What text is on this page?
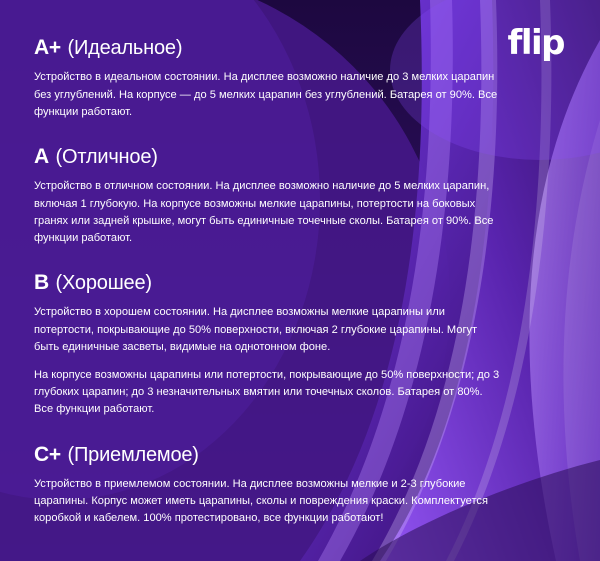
flip
A+ (Идеальное)

Устройство в идеальном состоянии. На дисплее возможно наличие до 3 мелких царапин без углублений. На корпусе — до 5 мелких царапин без углублений. Батарея от 90%. Все функции работают.

A (Отличное)

Устройство в отличном состоянии. На дисплее возможно наличие до 5 мелких царапин, включая 1 глубокую. На корпусе возможны мелкие царапины, потертости на боковых гранях или задней крышке, могут быть единичные точечные сколы. Батарея от 90%. Все функции работают.

B (Хорошее)

Устройство в хорошем состоянии. На дисплее возможны мелкие царапины или потертости, покрывающие до 50% поверхности, включая 2 глубокие царапины. Могут быть единичные засветы, видимые на однотонном фоне.

На корпусе возможны царапины или потертости, покрывающие до 50% поверхности; до 3 глубоких царапин; до 3 незначительных вмятин или точечных сколов. Батарея от 80%. Все функции работают.

C+ (Приемлемое)

Устройство в приемлемом состоянии. На дисплее возможны мелкие и 2-3 глубокие царапины. Корпус может иметь царапины, сколы и повреждения краски. Комплектуется коробкой и кабелем. 100% протестировано, все функции работают!
